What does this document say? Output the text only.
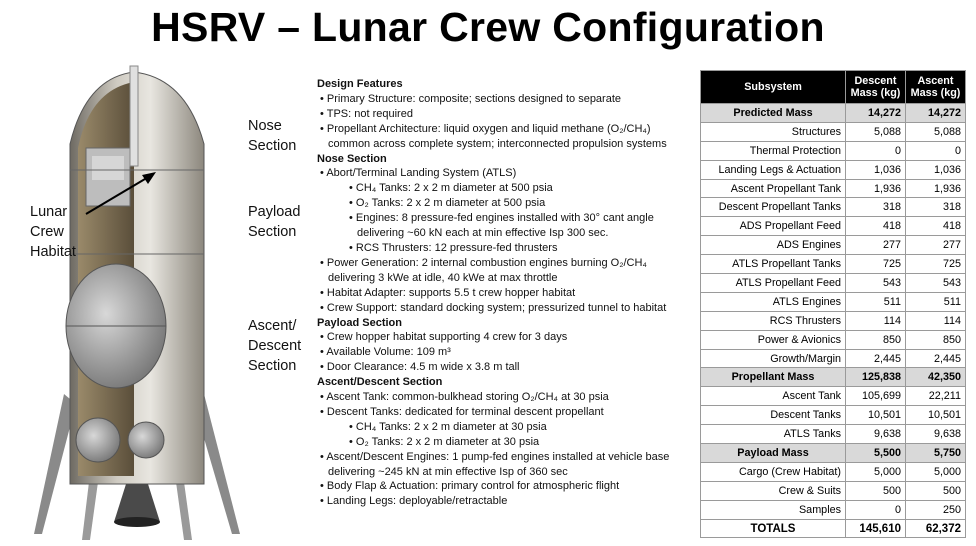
HSRV – Lunar Crew Configuration
Lunar
Crew
Habitat
Nose
Section
Payload
Section
Ascent/
Descent
Section
Design Features
• Primary Structure: composite; sections designed to separate
• TPS: not required
• Propellant Architecture: liquid oxygen and liquid methane (O₂/CH₄) common across complete system; interconnected propulsion systems
Nose Section
• Abort/Terminal Landing System (ATLS)
• CH₄ Tanks: 2 x 2 m diameter at 500 psia
• O₂ Tanks: 2 x 2 m diameter at 500 psia
• Engines: 8 pressure-fed engines installed with 30° cant angle delivering ~60 kN each at min effective Isp 300 sec.
• RCS Thrusters: 12 pressure-fed thrusters
• Power Generation: 2 internal combustion engines burning O₂/CH₄ delivering 3 kWe at idle, 40 kWe at max throttle
• Habitat Adapter: supports 5.5 t crew hopper habitat
• Crew Support: standard docking system; pressurized tunnel to habitat
Payload Section
• Crew hopper habitat supporting 4 crew for 3 days
• Available Volume: 109 m³
• Door Clearance: 4.5 m wide x 3.8 m tall
Ascent/Descent Section
• Ascent Tank: common-bulkhead storing O₂/CH₄ at 30 psia
• Descent Tanks: dedicated for terminal descent propellant
• CH₄ Tanks: 2 x 2 m diameter at 30 psia
• O₂ Tanks: 2 x 2 m diameter at 30 psia
• Ascent/Descent Engines: 1 pump-fed engines installed at vehicle base delivering ~245 kN at min effective Isp of 360 sec
• Body Flap & Actuation: primary control for atmospheric flight
• Landing Legs: deployable/retractable
Subsystem	Descent Mass (kg)	Ascent Mass (kg)
Predicted Mass	14,272	14,272
Structures	5,088	5,088
Thermal Protection	0	0
Landing Legs & Actuation	1,036	1,036
Ascent Propellant Tank	1,936	1,936
Descent Propellant Tanks	318	318
ADS Propellant Feed	418	418
ADS Engines	277	277
ATLS Propellant Tanks	725	725
ATLS Propellant Feed	543	543
ATLS Engines	511	511
RCS Thrusters	114	114
Power & Avionics	850	850
Growth/Margin	2,445	2,445
Propellant Mass	125,838	42,350
Ascent Tank	105,699	22,211
Descent Tanks	10,501	10,501
ATLS Tanks	9,638	9,638
Payload Mass	5,500	5,750
Cargo (Crew Habitat)	5,000	5,000
Crew & Suits	500	500
Samples	0	250
TOTALS	145,610	62,372
